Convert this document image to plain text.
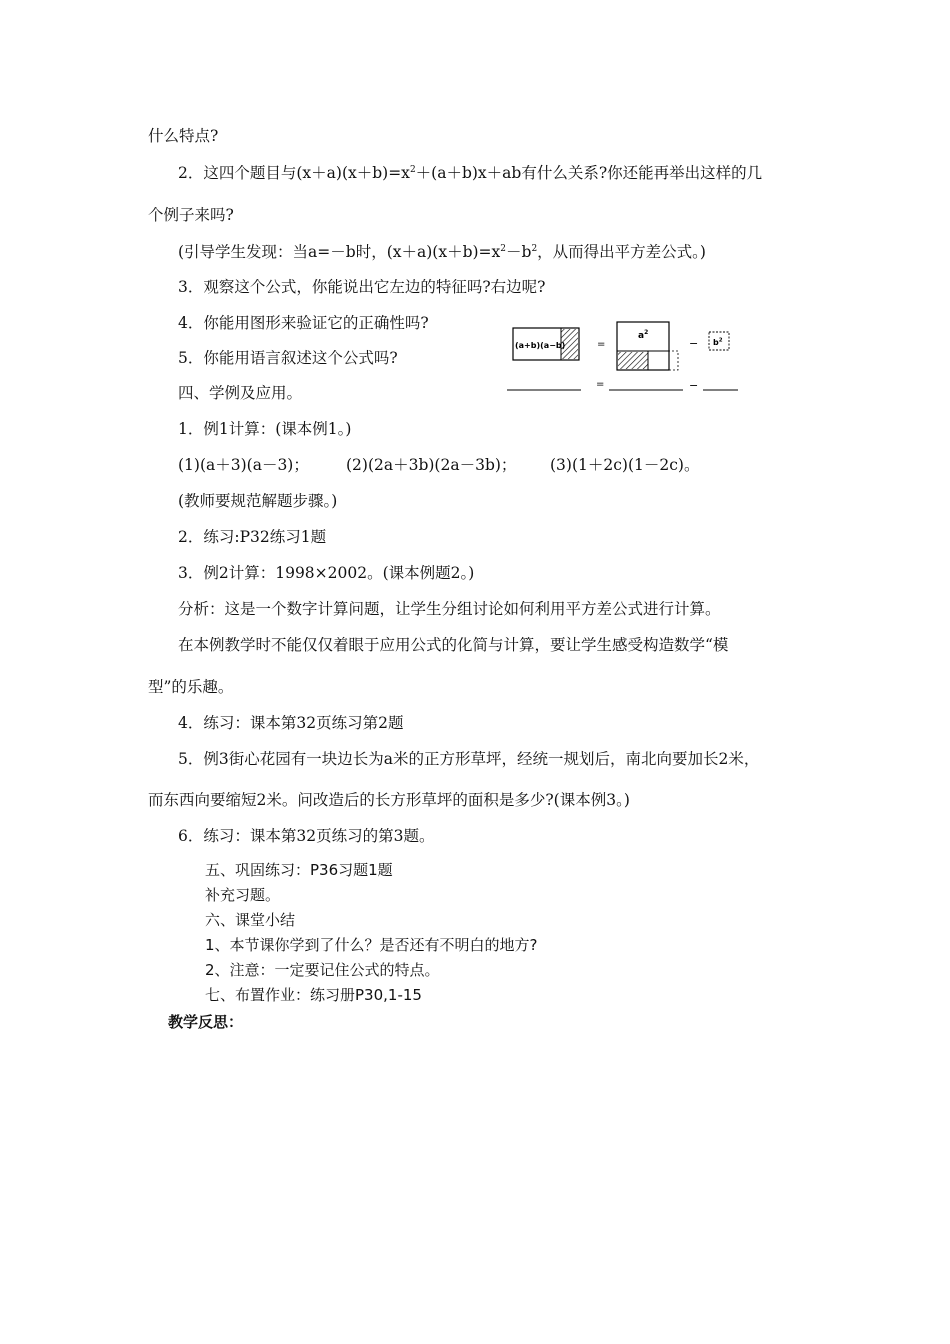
什么特点?
2．这四个题目与$(x+a)(x+b)=x^2+(a+b)x+ab$有什么关系?你还能再举出这样的几
个例子来吗?
(引导学生发现：当a=－b时，$(x+a)(x+b)=x^2-b^2$，从而得出平方差公式。)
3．观察这个公式，你能说出它左边的特征吗?右边呢?
4．你能用图形来验证它的正确性吗?
5．你能用语言叙述这个公式吗?
四、学例及应用。
1．例1计算：(课本例1。)
(1)(a＋3)(a－3)； (2)(2a＋3b)(2a－3b)； (3)(1＋2c)(1－2c)。
(教师要规范解题步骤。)
2．练习:P32练习1题
3．例2计算：1998×2002。(课本例题2。)
分析：这是一个数字计算问题，让学生分组讨论如何利用平方差公式进行计算。
在本例教学时不能仅仅着眼于应用公式的化简与计算，要让学生感受构造数学“模
型”的乐趣。
4．练习：课本第32页练习第2题
5．例3街心花园有一块边长为a米的正方形草坪，经统一规划后，南北向要加长2米，
而东西向要缩短2米。问改造后的长方形草坪的面积是多少?(课本例3。)
6．练习：课本第32页练习的第3题。
五、巩固练习：P36习题1题
补充习题。
六、课堂小结
1、本节课你学到了什么？是否还有不明白的地方?
2、注意：一定要记住公式的特点。
七、布置作业：练习册P30,1-15
教学反思：
(a+b)(a−b)	=
$a^2$
− $b^2$
=	−
